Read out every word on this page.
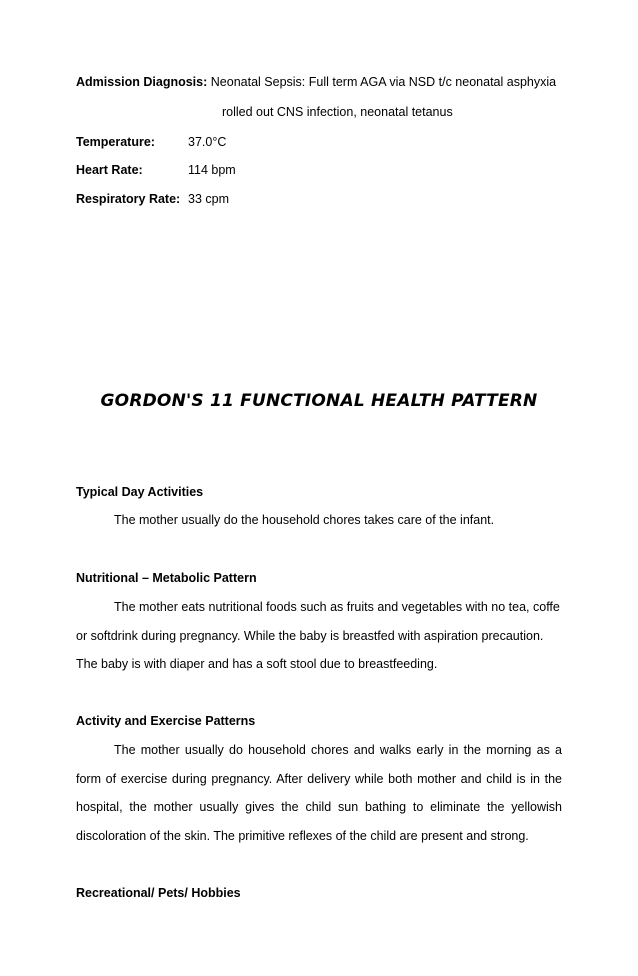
Admission Diagnosis: Neonatal Sepsis: Full term AGA via NSD t/c neonatal asphyxia
rolled out CNS infection, neonatal tetanus
Temperature:	37.0°C
Heart Rate:	114 bpm
Respiratory Rate: 33 cpm
GORDON'S 11 FUNCTIONAL HEALTH PATTERN
Typical Day Activities
The mother usually do the household chores takes care of the infant.
Nutritional – Metabolic Pattern
The mother eats nutritional foods such as fruits and vegetables with no tea, coffe
or softdrink during pregnancy. While the baby is breastfed with aspiration precaution.
The baby is with diaper and has a soft stool due to breastfeeding.
Activity and Exercise Patterns
The mother usually do household chores and walks early in the morning as a
form of exercise during pregnancy. After delivery while both mother and child is in the
hospital, the mother usually gives the child sun bathing to eliminate the yellowish
discoloration of the skin. The primitive reflexes of the child are present and strong.
Recreational/ Pets/ Hobbies
